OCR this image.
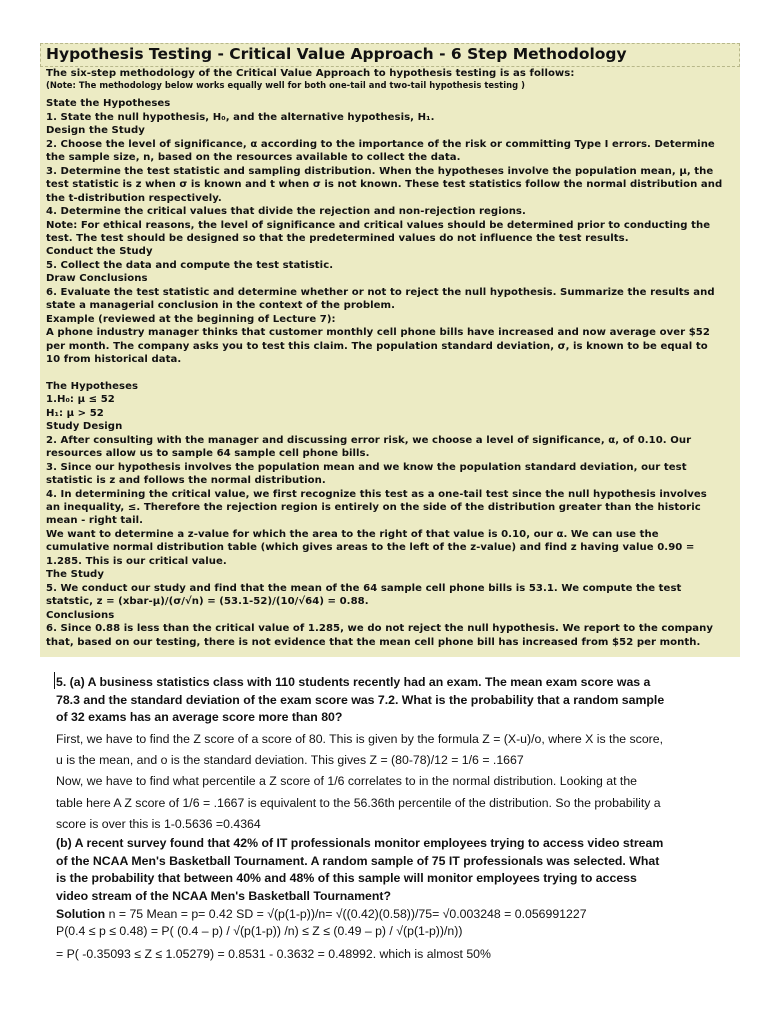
Hypothesis Testing - Critical Value Approach - 6 Step Methodology

The six-step methodology of the Critical Value Approach to hypothesis testing is as follows:

(Note: The methodology below works equally well for both one-tail and two-tail hypothesis testing )

State the Hypotheses

1. State the null hypothesis, H₀, and the alternative hypothesis, H₁.

Design the Study

2. Choose the level of significance, α according to the importance of the risk or committing Type I errors. Determine

the sample size, n, based on the resources available to collect the data.

3. Determine the test statistic and sampling distribution. When the hypotheses involve the population mean, μ, the

test statistic is z when σ is known and t when σ is not known. These test statistics follow the normal distribution and

the t-distribution respectively.

4. Determine the critical values that divide the rejection and non-rejection regions.

Note: For ethical reasons, the level of significance and critical values should be determined prior to conducting the

test. The test should be designed so that the predetermined values do not influence the test results.

Conduct the Study

5. Collect the data and compute the test statistic.

Draw Conclusions

6. Evaluate the test statistic and determine whether or not to reject the null hypothesis. Summarize the results and

state a managerial conclusion in the context of the problem.

Example (reviewed at the beginning of Lecture 7):

A phone industry manager thinks that customer monthly cell phone bills have increased and now average over $52

per month. The company asks you to test this claim. The population standard deviation, σ, is known to be equal to

10 from historical data.

The Hypotheses

1.H₀: μ ≤ 52

H₁: μ > 52

Study Design

2. After consulting with the manager and discussing error risk, we choose a level of significance, α, of 0.10. Our

resources allow us to sample 64 sample cell phone bills.

3. Since our hypothesis involves the population mean and we know the population standard deviation, our test

statistic is z and follows the normal distribution.

4. In determining the critical value, we first recognize this test as a one-tail test since the null hypothesis involves

an inequality, ≤. Therefore the rejection region is entirely on the side of the distribution greater than the historic

mean - right tail.

We want to determine a z-value for which the area to the right of that value is 0.10, our α. We can use the

cumulative normal distribution table (which gives areas to the left of the z-value) and find z having value 0.90 =

1.285. This is our critical value.

The Study

5. We conduct our study and find that the mean of the 64 sample cell phone bills is 53.1. We compute the test

statstic, z = (xbar-μ)/(σ/√n) = (53.1-52)/(10/√64) = 0.88.

Conclusions

6. Since 0.88 is less than the critical value of 1.285, we do not reject the null hypothesis. We report to the company

that, based on our testing, there is not evidence that the mean cell phone bill has increased from $52 per month.

5. (a) A business statistics class with 110 students recently had an exam. The mean exam score was a

78.3 and the standard deviation of the exam score was 7.2. What is the probability that a random sample

of 32 exams has an average score more than 80?

First, we have to find the Z score of a score of 80. This is given by the formula Z = (X-u)/o, where X is the score,

u is the mean, and o is the standard deviation. This gives Z = (80-78)/12 = 1/6 = .1667

Now, we have to find what percentile a Z score of 1/6 correlates to in the normal distribution. Looking at the

table here A Z score of 1/6 = .1667 is equivalent to the 56.36th percentile of the distribution. So the probability a

score is over this is 1-0.5636 =0.4364

(b) A recent survey found that 42% of IT professionals monitor employees trying to access video stream

of the NCAA Men's Basketball Tournament. A random sample of 75 IT professionals was selected. What

is the probability that between 40% and 48% of this sample will monitor employees trying to access

video stream of the NCAA Men's Basketball Tournament?

Solution n = 75 Mean = p= 0.42 SD = √(p(1-p))/n= √((0.42)(0.58))/75= √0.003248 = 0.056991227

P(0.4 ≤ p ≤ 0.48) = P( (0.4 – p) / √(p(1-p)) /n) ≤ Z ≤ (0.49 – p) / √(p(1-p))/n))

= P( -0.35093 ≤ Z ≤ 1.05279) = 0.8531 - 0.3632 = 0.48992. which is almost 50%
